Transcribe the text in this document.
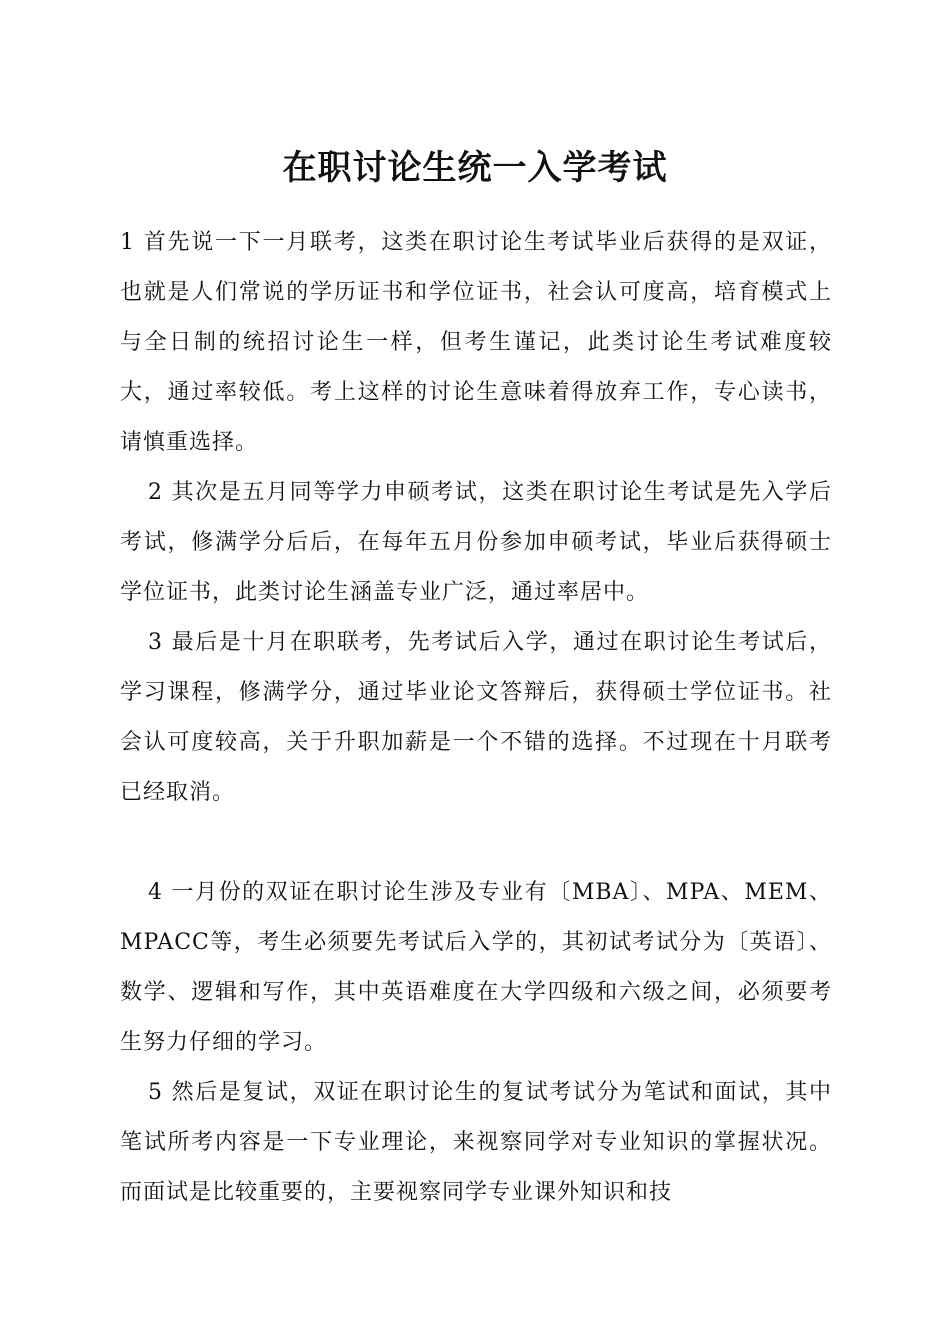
在职讨论生统一入学考试

1 首先说一下一月联考，这类在职讨论生考试毕业后获得的是双证，也就是人们常说的学历证书和学位证书，社会认可度高，培育模式上与全日制的统招讨论生一样，但考生谨记，此类讨论生考试难度较大，通过率较低。考上这样的讨论生意味着得放弃工作，专心读书，请慎重选择。

2 其次是五月同等学力申硕考试，这类在职讨论生考试是先入学后考试，修满学分后后，在每年五月份参加申硕考试，毕业后获得硕士学位证书，此类讨论生涵盖专业广泛，通过率居中。

3 最后是十月在职联考，先考试后入学，通过在职讨论生考试后，学习课程，修满学分，通过毕业论文答辩后，获得硕士学位证书。社会认可度较高，关于升职加薪是一个不错的选择。不过现在十月联考已经取消。

4 一月份的双证在职讨论生涉及专业有〔MBA〕、MPA、MEM、MPACC等，考生必须要先考试后入学的，其初试考试分为〔英语〕、数学、逻辑和写作，其中英语难度在大学四级和六级之间，必须要考生努力仔细的学习。

5 然后是复试，双证在职讨论生的复试考试分为笔试和面试，其中笔试所考内容是一下专业理论，来视察同学对专业知识的掌握状况。而面试是比较重要的，主要视察同学专业课外知识和技
